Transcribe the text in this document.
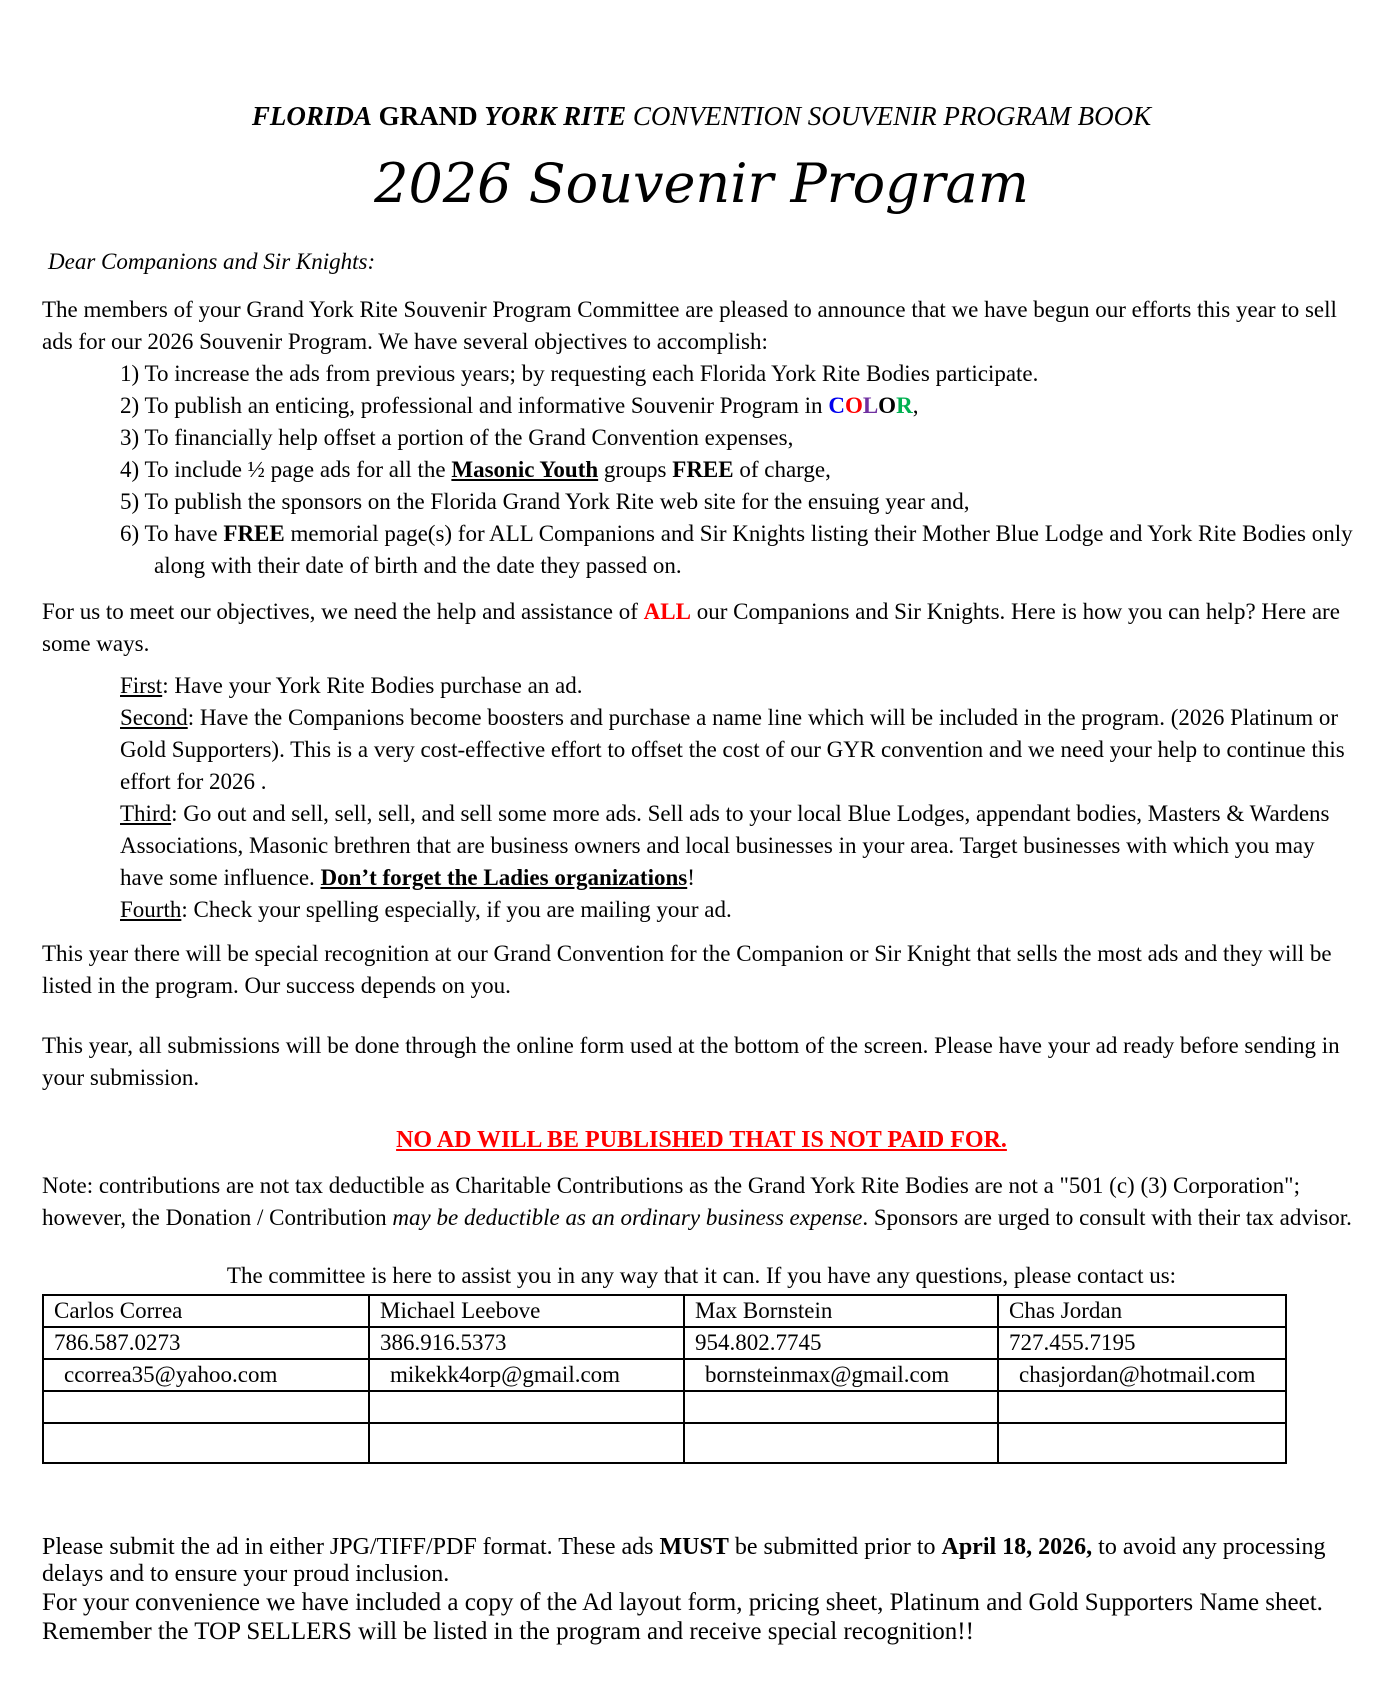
FLORIDA GRAND YORK RITE CONVENTION SOUVENIR PROGRAM BOOK
2026 Souvenir Program

Dear Companions and Sir Knights:

The members of your Grand York Rite Souvenir Program Committee are pleased to announce that we have begun our efforts this year to sell ads for our 2026 Souvenir Program. We have several objectives to accomplish:

1) To increase the ads from previous years; by requesting each Florida York Rite Bodies participate.
2) To publish an enticing, professional and informative Souvenir Program in COLOR,
3) To financially help offset a portion of the Grand Convention expenses,
4) To include ½ page ads for all the Masonic Youth groups FREE of charge,
5) To publish the sponsors on the Florida Grand York Rite web site for the ensuing year and,
6) To have FREE memorial page(s) for ALL Companions and Sir Knights listing their Mother Blue Lodge and York Rite Bodies only along with their date of birth and the date they passed on.

For us to meet our objectives, we need the help and assistance of ALL our Companions and Sir Knights. Here is how you can help? Here are some ways.

First: Have your York Rite Bodies purchase an ad.
Second: Have the Companions become boosters and purchase a name line which will be included in the program. (2026 Platinum or Gold Supporters). This is a very cost-effective effort to offset the cost of our GYR convention and we need your help to continue this effort for 2026 .
Third: Go out and sell, sell, sell, and sell some more ads. Sell ads to your local Blue Lodges, appendant bodies, Masters & Wardens Associations, Masonic brethren that are business owners and local businesses in your area. Target businesses with which you may have some influence. Don’t forget the Ladies organizations!
Fourth: Check your spelling especially, if you are mailing your ad.

This year there will be special recognition at our Grand Convention for the Companion or Sir Knight that sells the most ads and they will be listed in the program. Our success depends on you.

This year, all submissions will be done through the online form used at the bottom of the screen. Please have your ad ready before sending in your submission.

NO AD WILL BE PUBLISHED THAT IS NOT PAID FOR.

Note: contributions are not tax deductible as Charitable Contributions as the Grand York Rite Bodies are not a "501 (c) (3) Corporation"; however, the Donation / Contribution may be deductible as an ordinary business expense. Sponsors are urged to consult with their tax advisor.

The committee is here to assist you in any way that it can. If you have any questions, please contact us:
Carlos Correa	Michael Leebove	Max Bornstein	Chas Jordan
786.587.0273	386.916.5373	954.802.7745	727.455.7195
ccorrea35@yahoo.com	mikekk4orp@gmail.com	bornsteinmax@gmail.com	chasjordan@hotmail.com

Please submit the ad in either JPG/TIFF/PDF format. These ads MUST be submitted prior to April 18, 2026, to avoid any processing delays and to ensure your proud inclusion.

For your convenience we have included a copy of the Ad layout form, pricing sheet, Platinum and Gold Supporters Name sheet. Remember the TOP SELLERS will be listed in the program and receive special recognition!!
